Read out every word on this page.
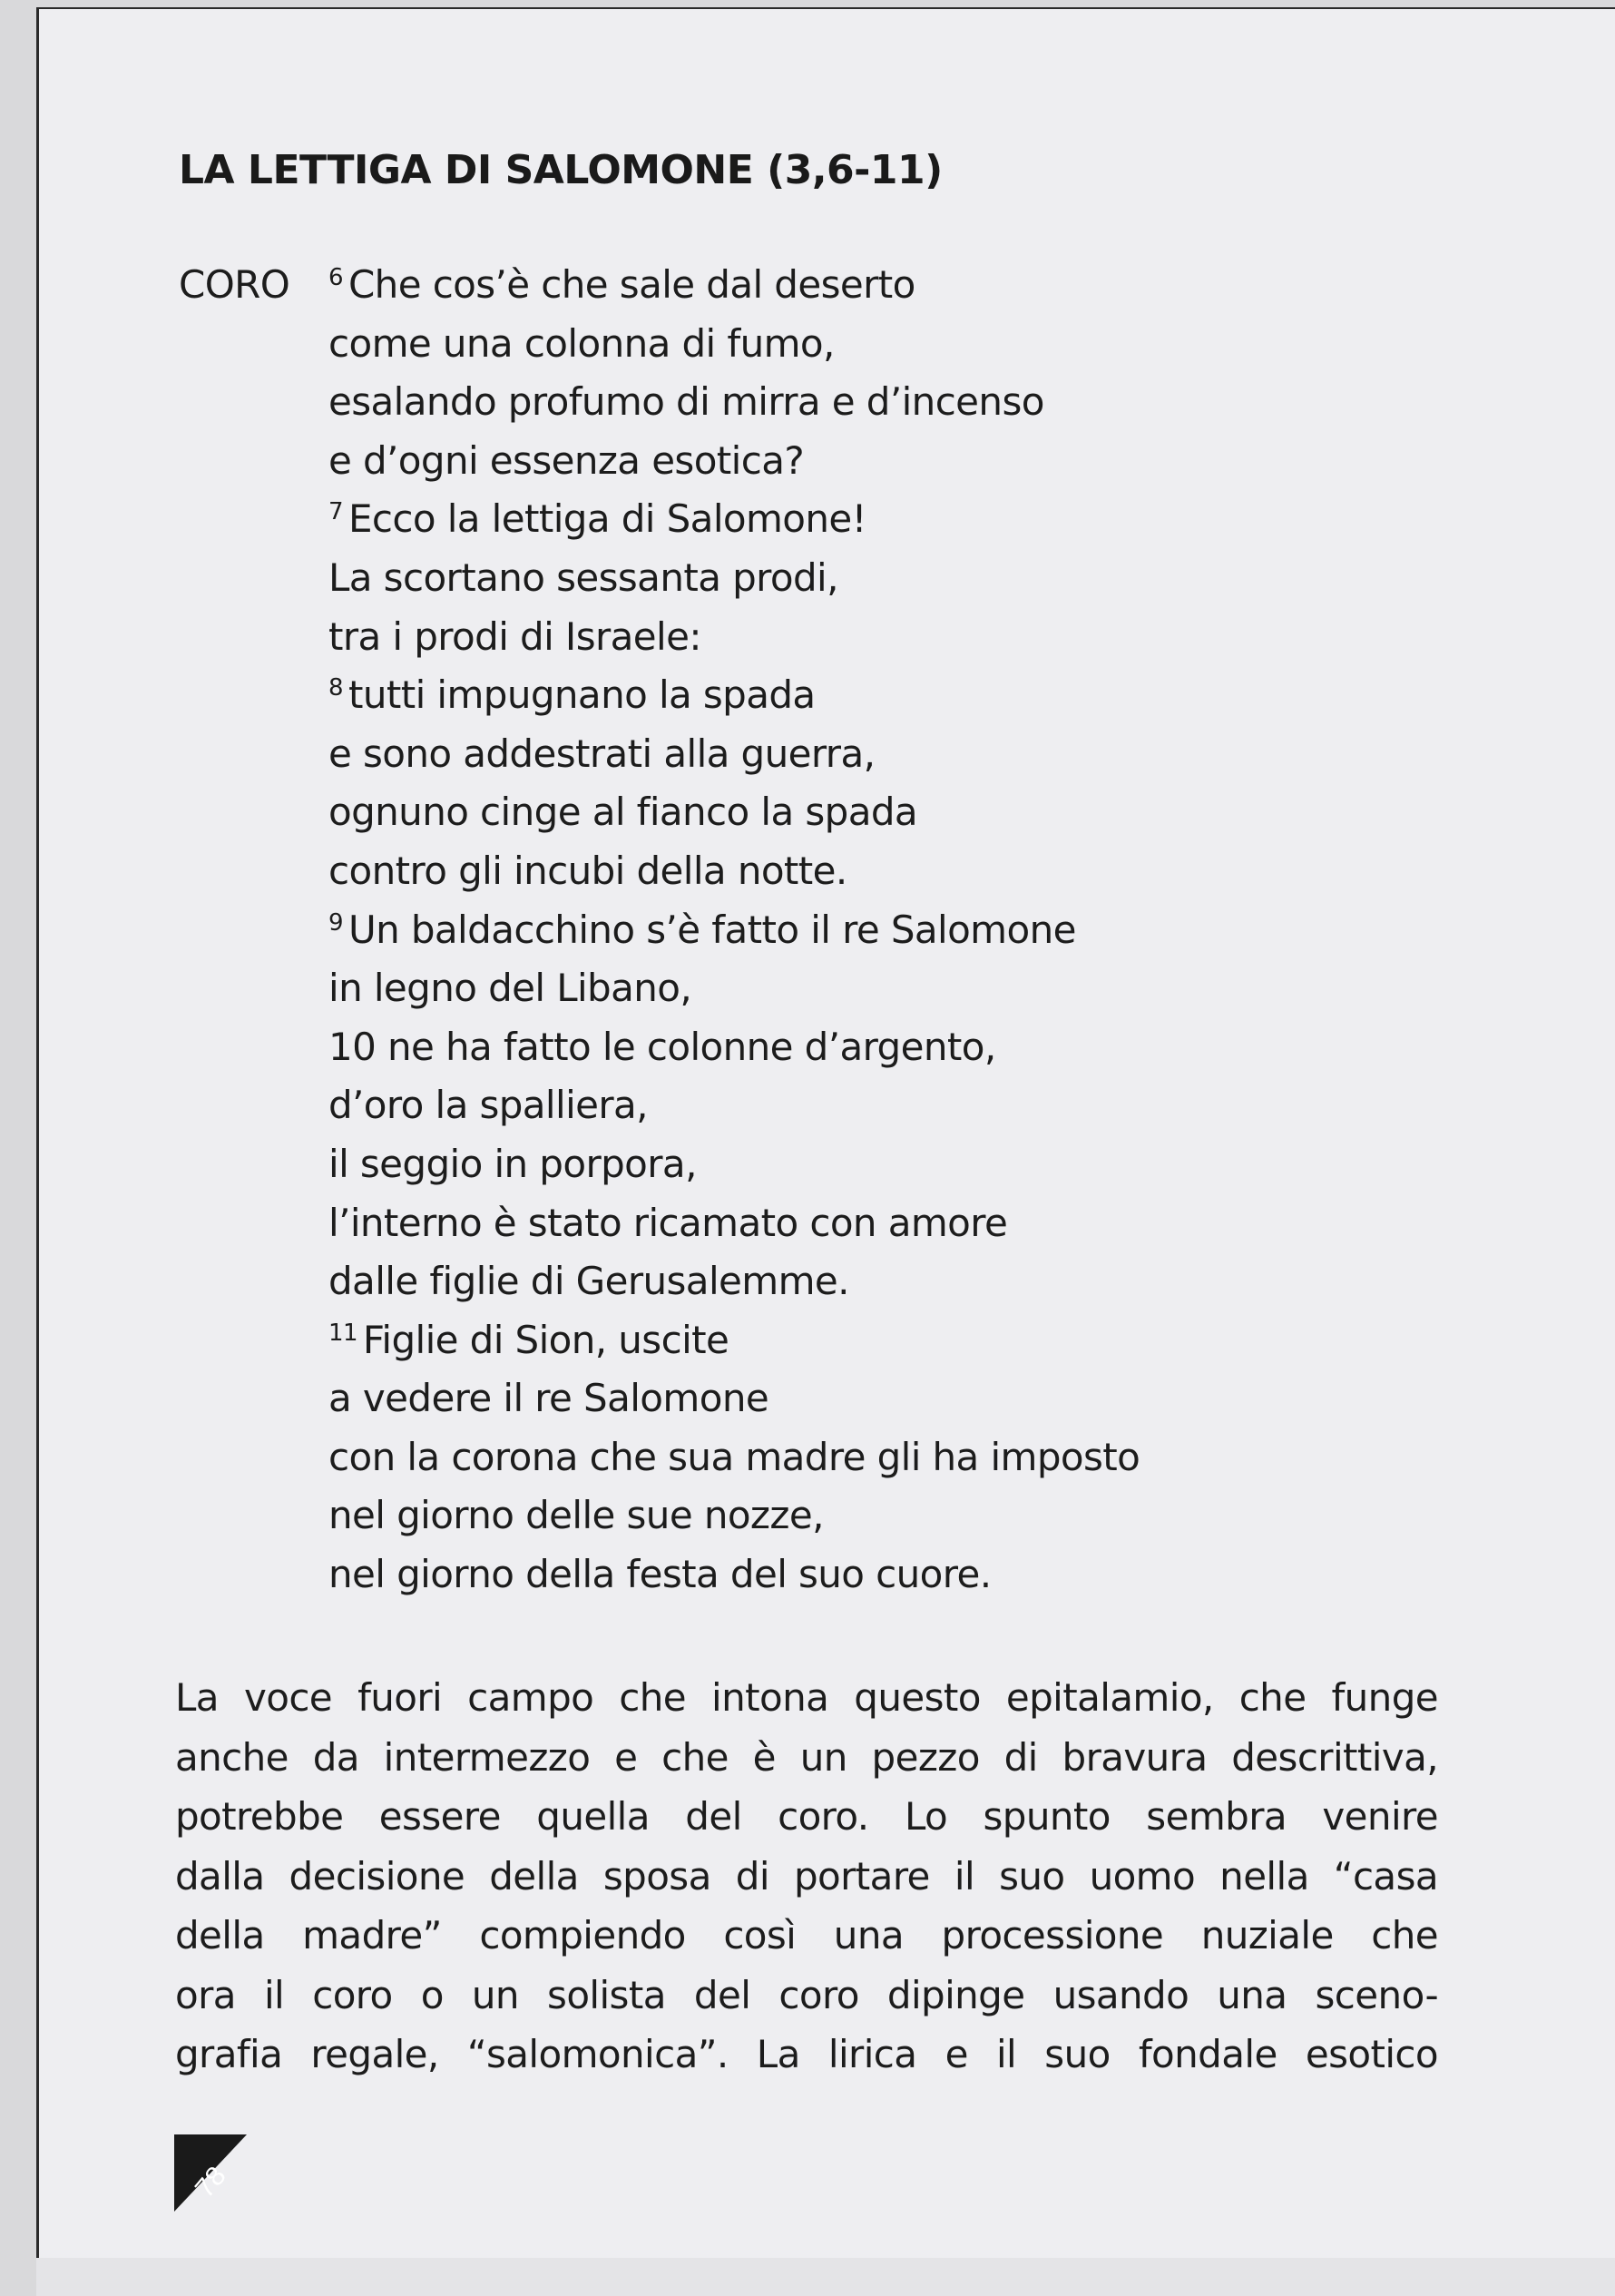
LA LETTIGA DI SALOMONE (3,6-11)
CORO $^6$ Che cos’è che sale dal deserto
come una colonna di fumo,
esalando profumo di mirra e d’incenso
e d’ogni essenza esotica?
$^7$ Ecco la lettiga di Salomone!
La scortano sessanta prodi,
tra i prodi di Israele:
$^8$ tutti impugnano la spada
e sono addestrati alla guerra,
ognuno cinge al fianco la spada
contro gli incubi della notte.
$^9$ Un baldacchino s’è fatto il re Salomone
in legno del Libano,
10 ne ha fatto le colonne d’argento,
d’oro la spalliera,
il seggio in porpora,
l’interno è stato ricamato con amore
dalle figlie di Gerusalemme.
$^{11}$ Figlie di Sion, uscite
a vedere il re Salomone
con la corona che sua madre gli ha imposto
nel giorno delle sue nozze,
nel giorno della festa del suo cuore.
La voce fuori campo che intona questo epitalamio, che funge
anche da intermezzo e che è un pezzo di bravura descrittiva,
potrebbe essere quella del coro. Lo spunto sembra venire
dalla decisione della sposa di portare il suo uomo nella “casa
della madre” compiendo così una processione nuziale che
ora il coro o un solista del coro dipinge usando una sceno-
grafia regale, “salomonica”. La lirica e il suo fondale esotico
78
